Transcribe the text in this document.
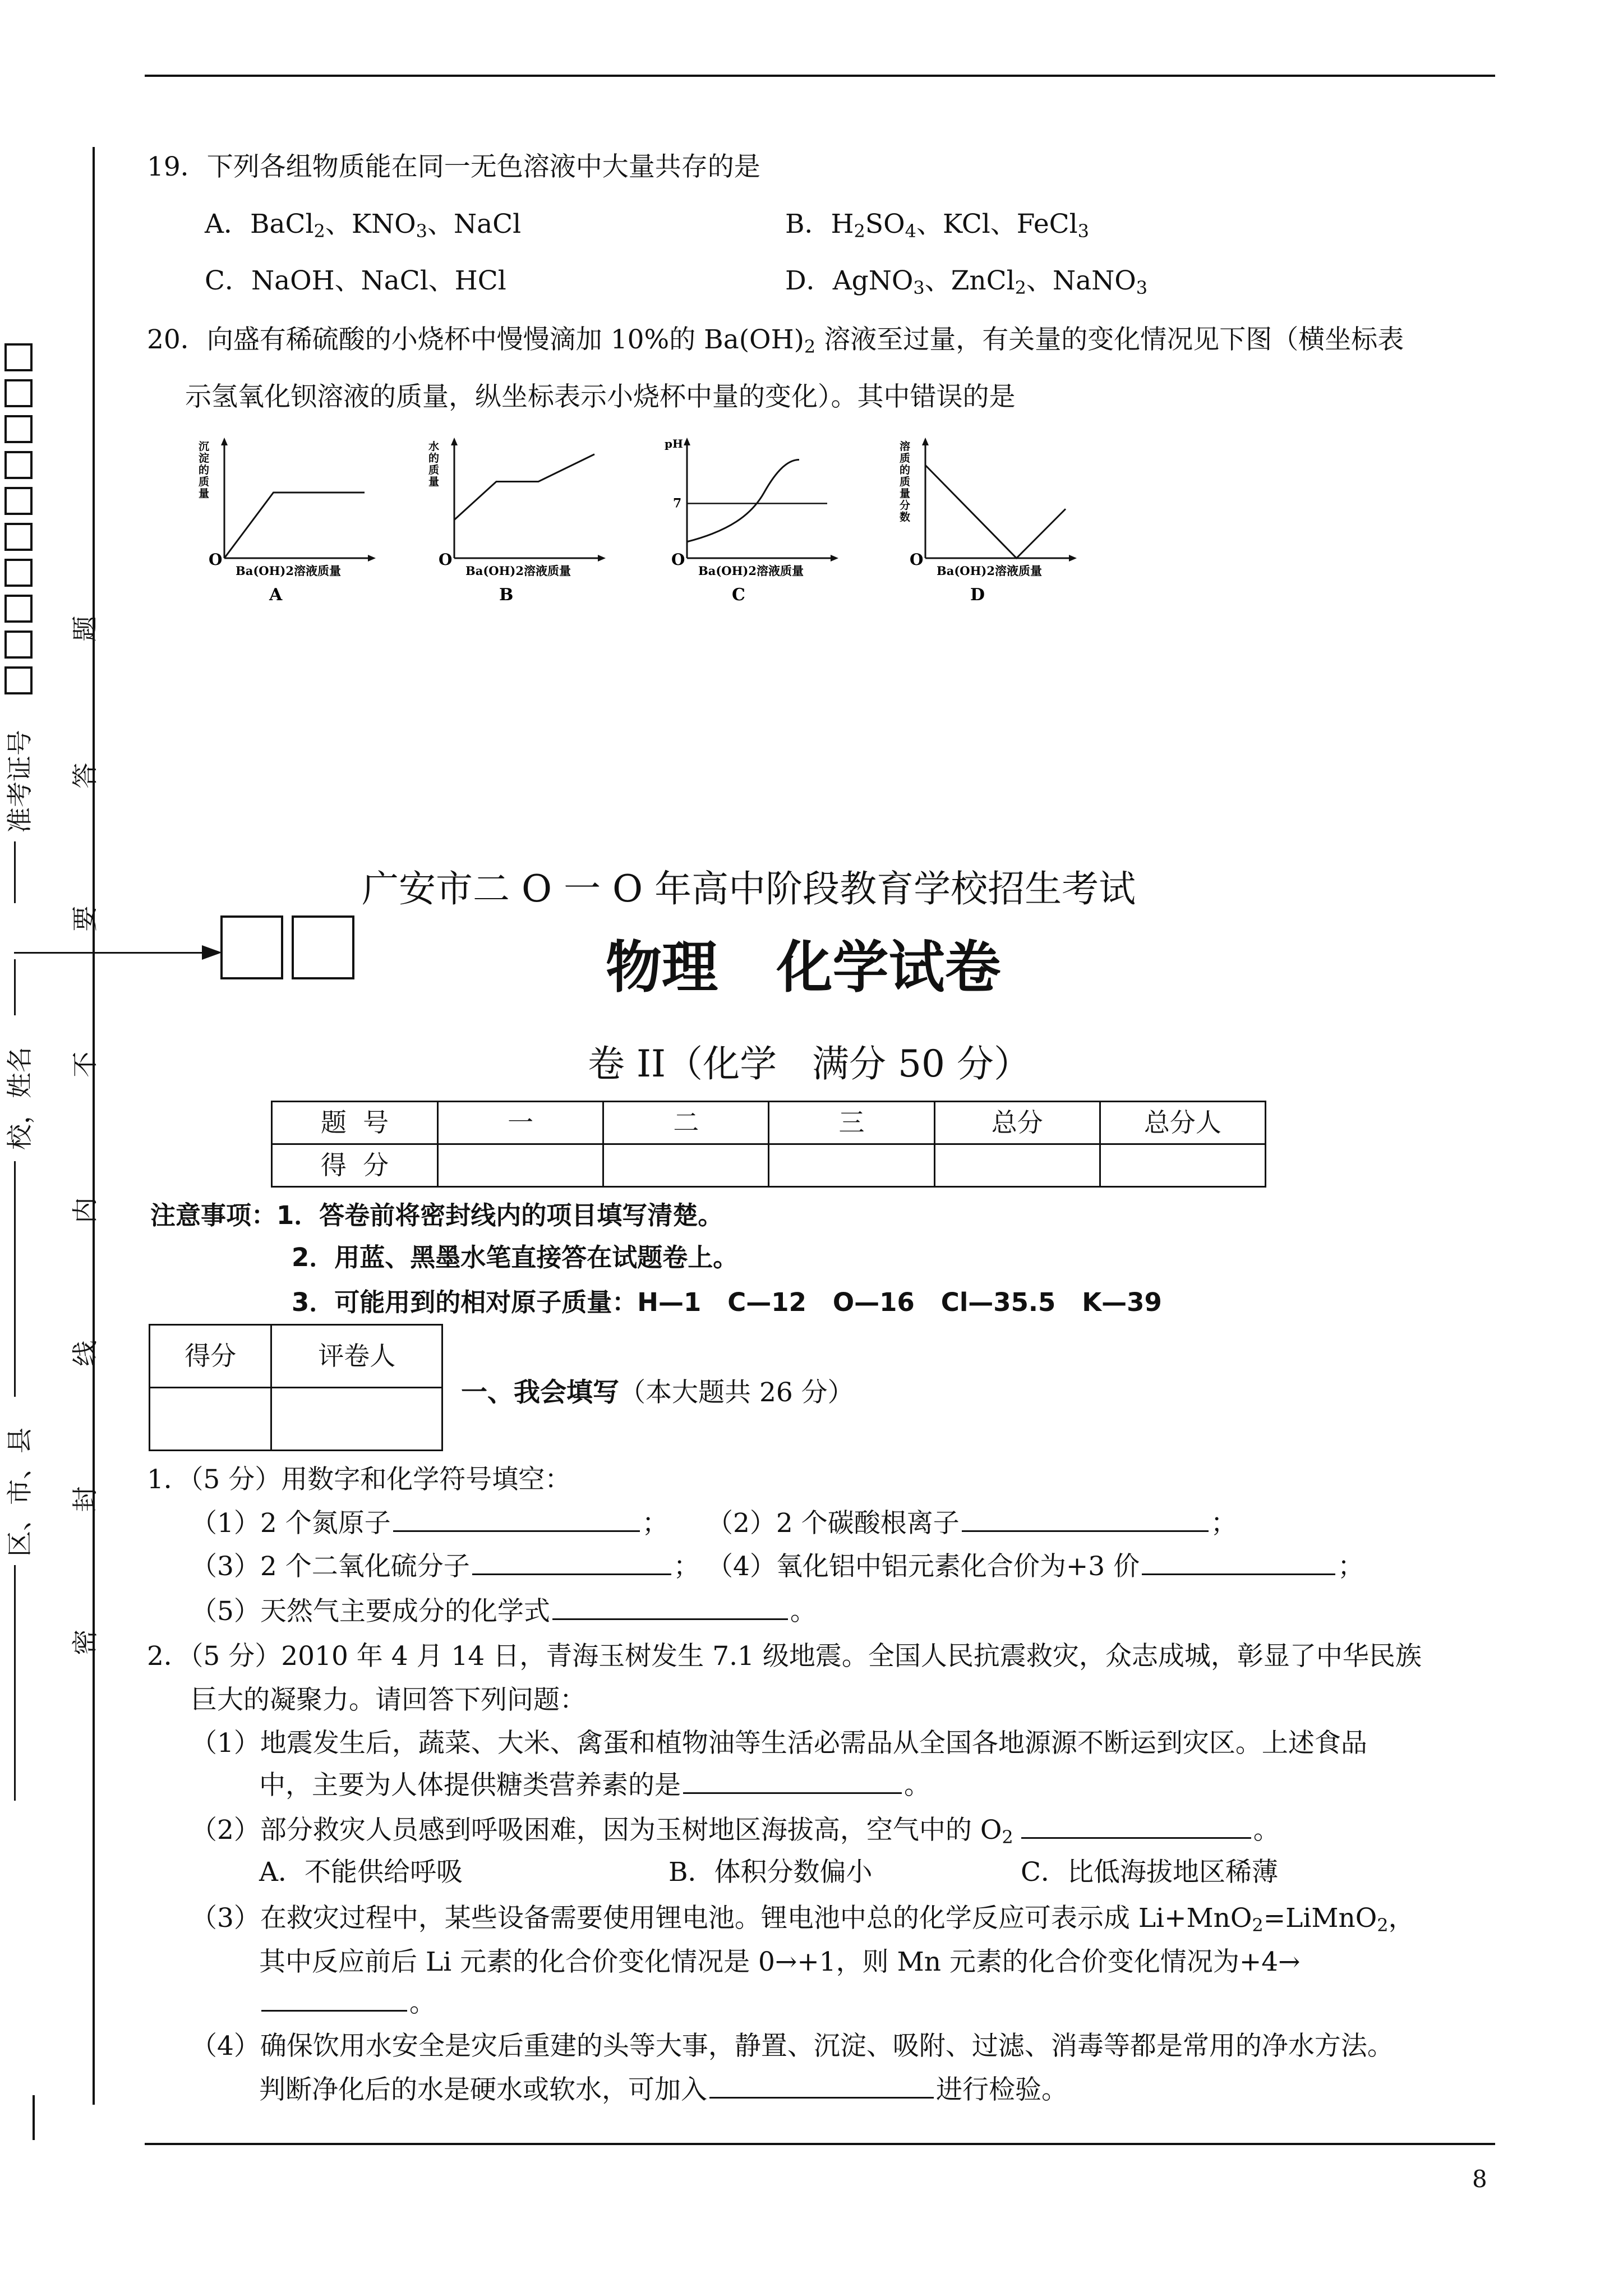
准考证号
校，姓名
区、市、县
题
答
要
不
内
线
封
密
19．下列各组物质能在同一无色溶液中大量共存的是
A．BaCl$_2$、$KNO_3$、NaCl	B．$H_2SO_4$、KCl、FeCl$_3$
C．NaOH、NaCl、HCl	D．AgNO$_3$、ZnCl$_2$、NaNO$_3$
20．向盛有稀硫酸的小烧杯中慢慢滴加 10%的 $Ba(OH)_2$ 溶液至过量，有关量的变化情况见下图（横坐标表
示氢氧化钡溶液的质量，纵坐标表示小烧杯中量的变化）。其中错误的是
O
沉
淀
的
质
量
Ba(OH)2溶液质量
A
O
水
的
质
量
Ba(OH)2溶液质量
B
O
pH
Ba(OH)2溶液质量
C
7
O
溶
质
的
质
量
分
数
Ba(OH)2溶液质量
D
广安市二 O 一 O 年高中阶段教育学校招生考试
物理   化学试卷
卷 II（化学   满分 50 分）
题  号	一	二	三	总分	总分人
得  分					
注意事项：1．答卷前将密封线内的项目填写清楚。
2．用蓝、黑墨水笔直接答在试题卷上。
3．可能用到的相对原子质量：H—1   C—12   O—16   Cl—35.5   K—39
得分	评卷人

一、我会填写（本大题共 26 分）
1．（5 分）用数字和化学符号填空：
（1）2 个氮原子	； （2）2 个碳酸根离子	；
（3）2 个二氧化硫分子	； （4）氧化铝中铝元素化合价为+3 价	；
（5）天然气主要成分的化学式	。
2．（5 分）2010 年 4 月 14 日，青海玉树发生 7.1 级地震。全国人民抗震救灾，众志成城，彰显了中华民族
巨大的凝聚力。请回答下列问题：
（1）地震发生后，蔬菜、大米、禽蛋和植物油等生活必需品从全国各地源源不断运到灾区。上述食品
中，主要为人体提供糖类营养素的是	。
（2）部分救灾人员感到呼吸困难，因为玉树地区海拔高，空气中的 $O_2$	。
A．不能供给呼吸	B．体积分数偏小	C．比低海拔地区稀薄
（3）在救灾过程中，某些设备需要使用锂电池。锂电池中总的化学反应可表示成 Li+MnO$_2$=LiMnO$_2$，
其中反应前后 Li 元素的化合价变化情况是 0→+1，则 Mn 元素的化合价变化情况为+4→
。
（4）确保饮用水安全是灾后重建的头等大事，静置、沉淀、吸附、过滤、消毒等都是常用的净水方法。
判断净化后的水是硬水或软水，可加入	进行检验。
8
